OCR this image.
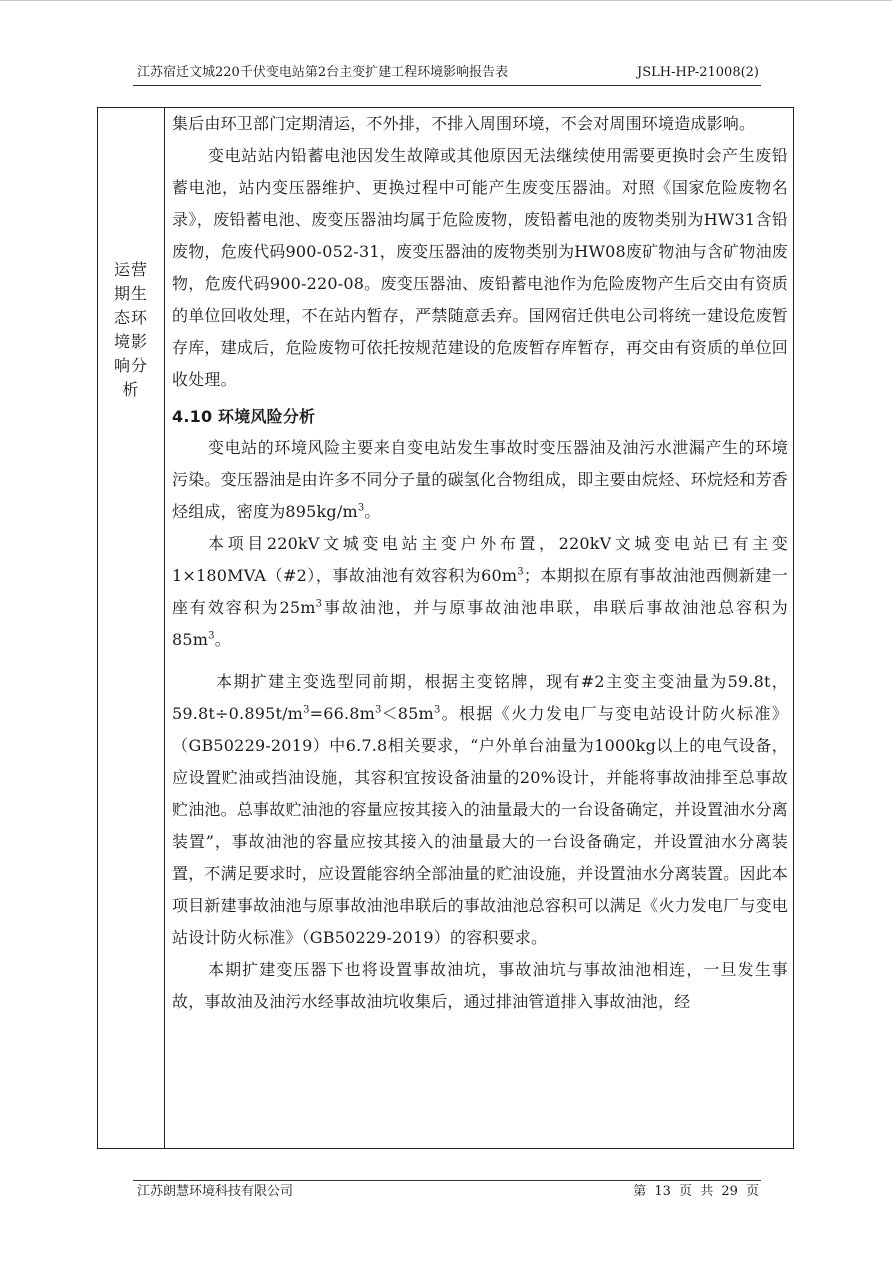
江苏宿迁文城220千伏变电站第2台主变扩建工程环境影响报告表	JSLH-HP-21008(2)
运营
期生
态环
境影
响分
析

集后由环卫部门定期清运，不外排，不排入周围环境，不会对周围环境造成影响。

变电站站内铅蓄电池因发生故障或其他原因无法继续使用需要更换时会产生废铅蓄电池，站内变压器维护、更换过程中可能产生废变压器油。对照《国家危险废物名录》，废铅蓄电池、废变压器油均属于危险废物，废铅蓄电池的废物类别为HW31含铅废物，危废代码900-052-31，废变压器油的废物类别为HW08废矿物油与含矿物油废物，危废代码900-220-08。废变压器油、废铅蓄电池作为危险废物产生后交由有资质的单位回收处理，不在站内暂存，严禁随意丢弃。国网宿迁供电公司将统一建设危废暂存库，建成后，危险废物可依托按规范建设的危废暂存库暂存，再交由有资质的单位回收处理。

4.10 环境风险分析

变电站的环境风险主要来自变电站发生事故时变压器油及油污水泄漏产生的环境污染。变压器油是由许多不同分子量的碳氢化合物组成，即主要由烷烃、环烷烃和芳香烃组成，密度为$895kg/m^3$。

本项目220kV文城变电站主变户外布置，220kV文城变电站已有主变1×180MVA（#2），事故油池有效容积为$60m^3$；本期拟在原有事故油池西侧新建一座有效容积为$25m^3$事故油池，并与原事故油池串联，串联后事故油池总容积为$85m^3$。

本期扩建主变选型同前期，根据主变铭牌，现有#2主变主变油量为59.8t，$59.8t\div 0.895t/m^3=66.8m^3<85m^3$。根据《火力发电厂与变电站设计防火标准》（GB50229-2019）中6.7.8相关要求，“户外单台油量为1000kg以上的电气设备，应设置贮油或挡油设施，其容积宜按设备油量的20%设计，并能将事故油排至总事故贮油池。总事故贮油池的容量应按其接入的油量最大的一台设备确定，并设置油水分离装置”，事故油池的容量应按其接入的油量最大的一台设备确定，并设置油水分离装置，不满足要求时，应设置能容纳全部油量的贮油设施，并设置油水分离装置。因此本项目新建事故油池与原事故油池串联后的事故油池总容积可以满足《火力发电厂与变电站设计防火标准》（GB50229-2019）的容积要求。

本期扩建变压器下也将设置事故油坑，事故油坑与事故油池相连，一旦发生事故，事故油及油污水经事故油坑收集后，通过排油管道排入事故油池，经

江苏朗慧环境科技有限公司	第 13 页 共 29 页
